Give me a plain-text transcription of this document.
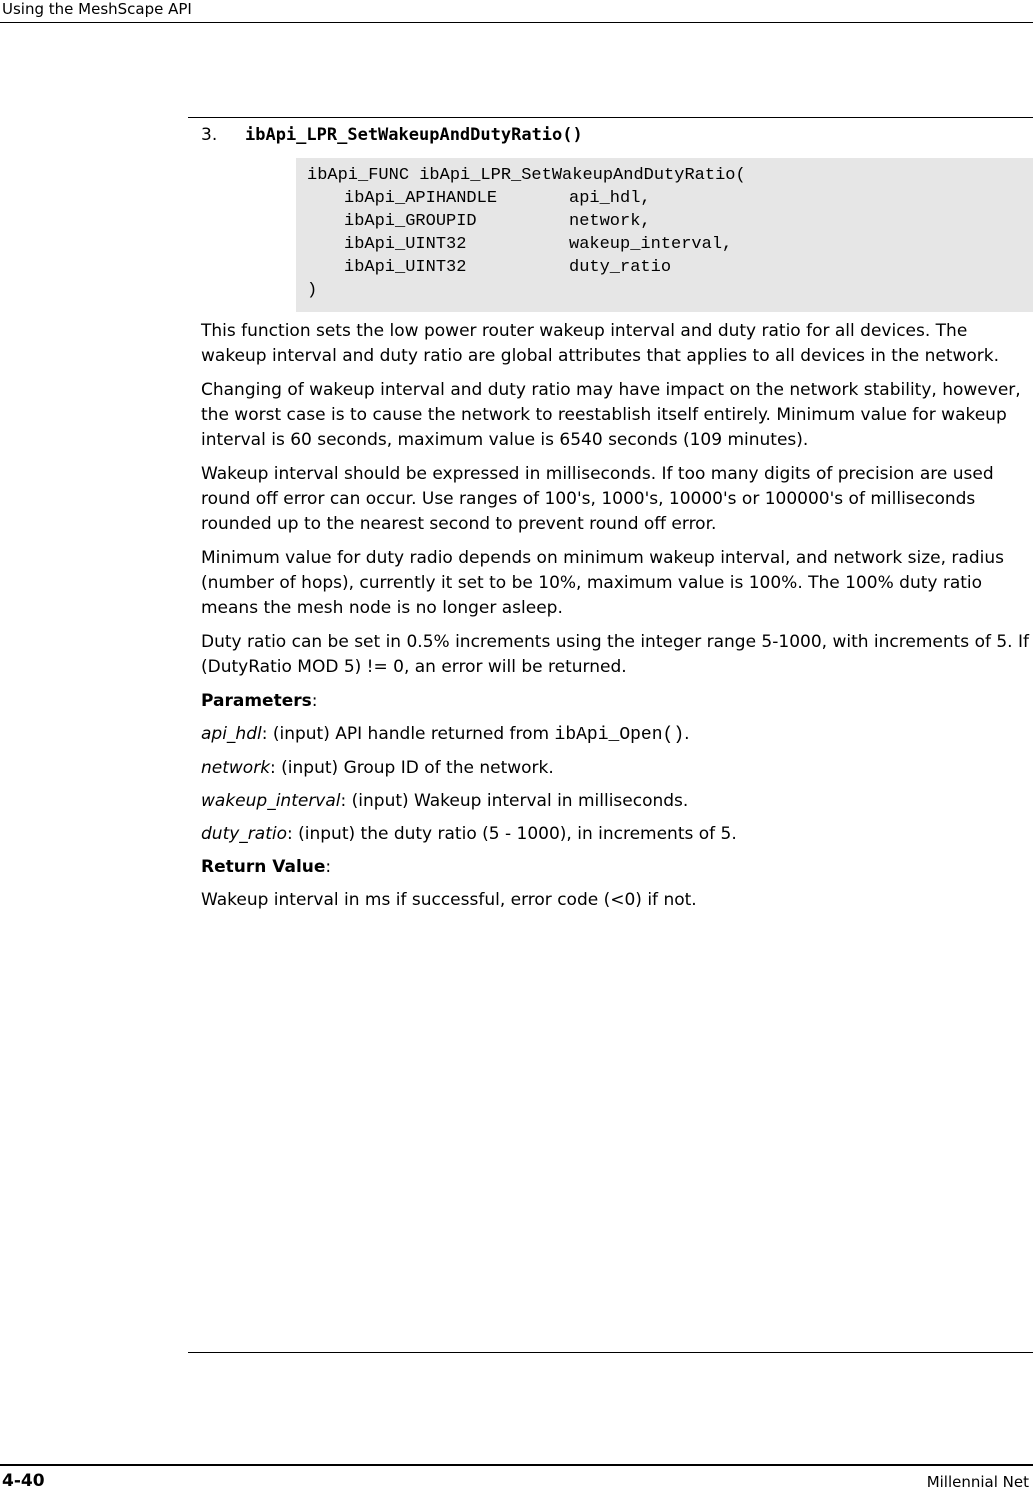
Using the MeshScape API
3. ibApi_LPR_SetWakeupAndDutyRatio()
ibApi_FUNC ibApi_LPR_SetWakeupAndDutyRatio(
ibApi_APIHANDLE	api_hdl,
ibApi_GROUPID	network,
ibApi_UINT32	wakeup_interval,
ibApi_UINT32	duty_ratio
)

This function sets the low power router wakeup interval and duty ratio for all devices. The wakeup interval and duty ratio are global attributes that applies to all devices in the network.

Changing of wakeup interval and duty ratio may have impact on the network stability, however, the worst case is to cause the network to reestablish itself entirely. Minimum value for wakeup interval is 60 seconds, maximum value is 6540 seconds (109 minutes).

Wakeup interval should be expressed in milliseconds. If too many digits of precision are used round off error can occur. Use ranges of 100's, 1000's, 10000's or 100000's of milliseconds rounded up to the nearest second to prevent round off error.

Minimum value for duty radio depends on minimum wakeup interval, and network size, radius (number of hops), currently it set to be 10%, maximum value is 100%. The 100% duty ratio means the mesh node is no longer asleep.

Duty ratio can be set in 0.5% increments using the integer range 5-1000, with increments of 5. If (DutyRatio MOD 5) != 0, an error will be returned.

Parameters:

api_hdl: (input) API handle returned from ibApi_Open().

network: (input) Group ID of the network.

wakeup_interval: (input) Wakeup interval in milliseconds.

duty_ratio: (input) the duty ratio (5 - 1000), in increments of 5.

Return Value:

Wakeup interval in ms if successful, error code (<0) if not.

4-40	Millennial Net
